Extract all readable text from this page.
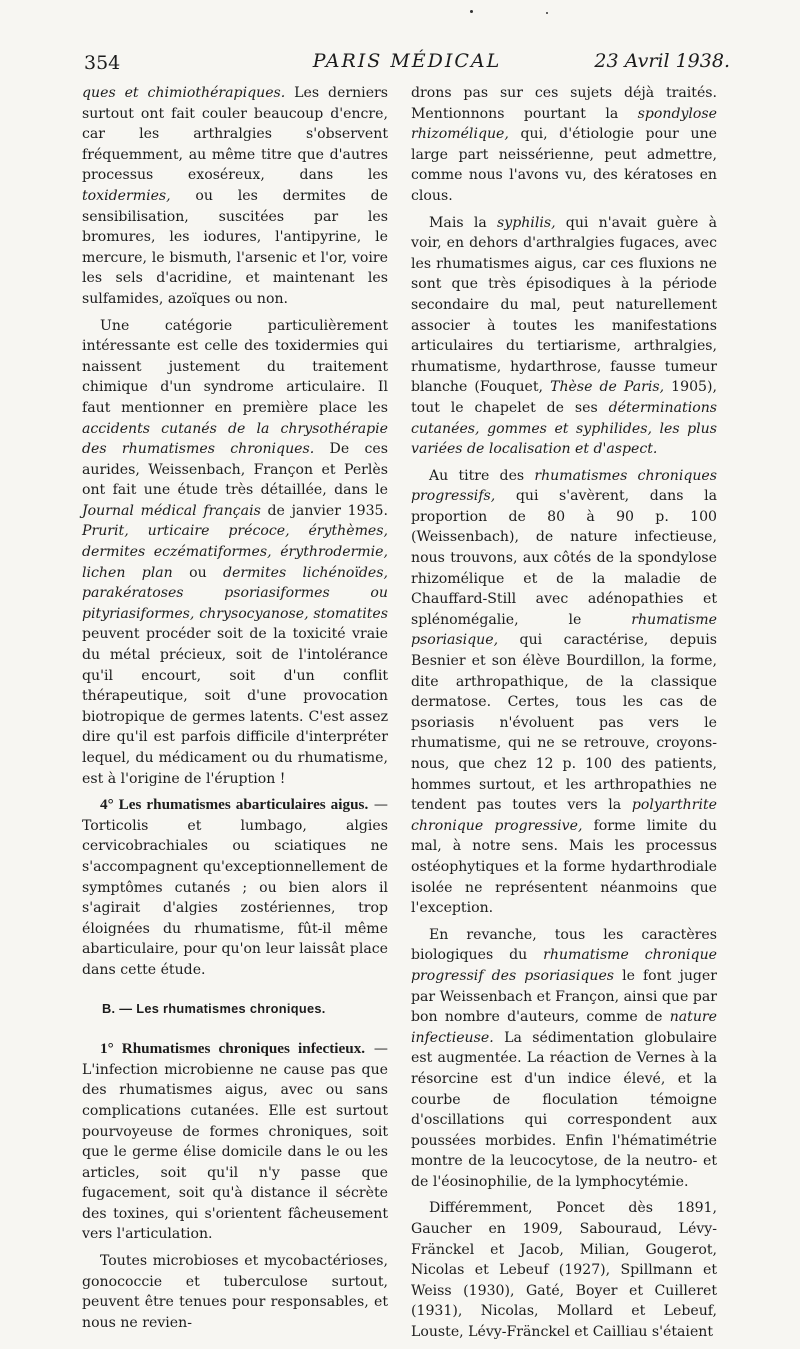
354	PARIS MÉDICAL	23 Avril 1938.

ques et chimiothérapiques. Les derniers surtout ont fait couler beaucoup d'encre, car les arthralgies s'observent fréquemment, au même titre que d'autres processus exoséreux, dans les toxidermies, ou les dermites de sensibilisation, suscitées par les bromures, les iodures, l'antipyrine, le mercure, le bismuth, l'arsenic et l'or, voire les sels d'acridine, et maintenant les sulfamides, azoïques ou non.

Une catégorie particulièrement intéressante est celle des toxidermies qui naissent justement du traitement chimique d'un syndrome articulaire. Il faut mentionner en première place les accidents cutanés de la chrysothérapie des rhumatismes chroniques. De ces aurides, Weissenbach, Françon et Perlès ont fait une étude très détaillée, dans le Journal médical français de janvier 1935. Prurit, urticaire précoce, érythèmes, dermites eczématiformes, érythrodermie, lichen plan ou dermites lichénoïdes, parakératoses psoriasiformes ou pityriasiformes, chrysocyanose, stomatites peuvent procéder soit de la toxicité vraie du métal précieux, soit de l'intolérance qu'il encourt, soit d'un conflit thérapeutique, soit d'une provocation biotropique de germes latents. C'est assez dire qu'il est parfois difficile d'interpréter lequel, du médicament ou du rhumatisme, est à l'origine de l'éruption !

4° Les rhumatismes abarticulaires aigus. — Torticolis et lumbago, algies cervicobrachiales ou sciatiques ne s'accompagnent qu'exceptionnellement de symptômes cutanés ; ou bien alors il s'agirait d'algies zostériennes, trop éloignées du rhumatisme, fût-il même abarticulaire, pour qu'on leur laissât place dans cette étude.

B. — Les rhumatismes chroniques.

1° Rhumatismes chroniques infectieux. — L'infection microbienne ne cause pas que des rhumatismes aigus, avec ou sans complications cutanées. Elle est surtout pourvoyeuse de formes chroniques, soit que le germe élise domicile dans le ou les articles, soit qu'il n'y passe que fugacement, soit qu'à distance il sécrète des toxines, qui s'orientent fâcheusement vers l'articulation.

Toutes microbioses et mycobactérioses, gonococcie et tuberculose surtout, peuvent être tenues pour responsables, et nous ne revien-

drons pas sur ces sujets déjà traités. Mentionnons pourtant la spondylose rhizomélique, qui, d'étiologie pour une large part neissérienne, peut admettre, comme nous l'avons vu, des kératoses en clous.

Mais la syphilis, qui n'avait guère à voir, en dehors d'arthralgies fugaces, avec les rhumatismes aigus, car ces fluxions ne sont que très épisodiques à la période secondaire du mal, peut naturellement associer à toutes les manifestations articulaires du tertiarisme, arthralgies, rhumatisme, hydarthrose, fausse tumeur blanche (Fouquet, Thèse de Paris, 1905), tout le chapelet de ses déterminations cutanées, gommes et syphilides, les plus variées de localisation et d'aspect.

Au titre des rhumatismes chroniques progressifs, qui s'avèrent, dans la proportion de 80 à 90 p. 100 (Weissenbach), de nature infectieuse, nous trouvons, aux côtés de la spondylose rhizomélique et de la maladie de Chauffard-Still avec adénopathies et splénomégalie, le rhumatisme psoriasique, qui caractérise, depuis Besnier et son élève Bourdillon, la forme, dite arthropathique, de la classique dermatose. Certes, tous les cas de psoriasis n'évoluent pas vers le rhumatisme, qui ne se retrouve, croyons-nous, que chez 12 p. 100 des patients, hommes surtout, et les arthropathies ne tendent pas toutes vers la polyarthrite chronique progressive, forme limite du mal, à notre sens. Mais les processus ostéophytiques et la forme hydarthrodiale isolée ne représentent néanmoins que l'exception.

En revanche, tous les caractères biologiques du rhumatisme chronique progressif des psoriasiques le font juger par Weissenbach et Françon, ainsi que par bon nombre d'auteurs, comme de nature infectieuse. La sédimentation globulaire est augmentée. La réaction de Vernes à la résorcine est d'un indice élevé, et la courbe de floculation témoigne d'oscillations qui correspondent aux poussées morbides. Enfin l'hématimétrie montre de la leucocytose, de la neutro- et de l'éosinophilie, de la lymphocytémie.

Différemment, Poncet dès 1891, Gaucher en 1909, Sabouraud, Lévy-Fränckel et Jacob, Milian, Gougerot, Nicolas et Lebeuf (1927), Spillmann et Weiss (1930), Gaté, Boyer et Cuilleret (1931), Nicolas, Mollard et Lebeuf, Louste, Lévy-Fränckel et Cailliau s'étaient
